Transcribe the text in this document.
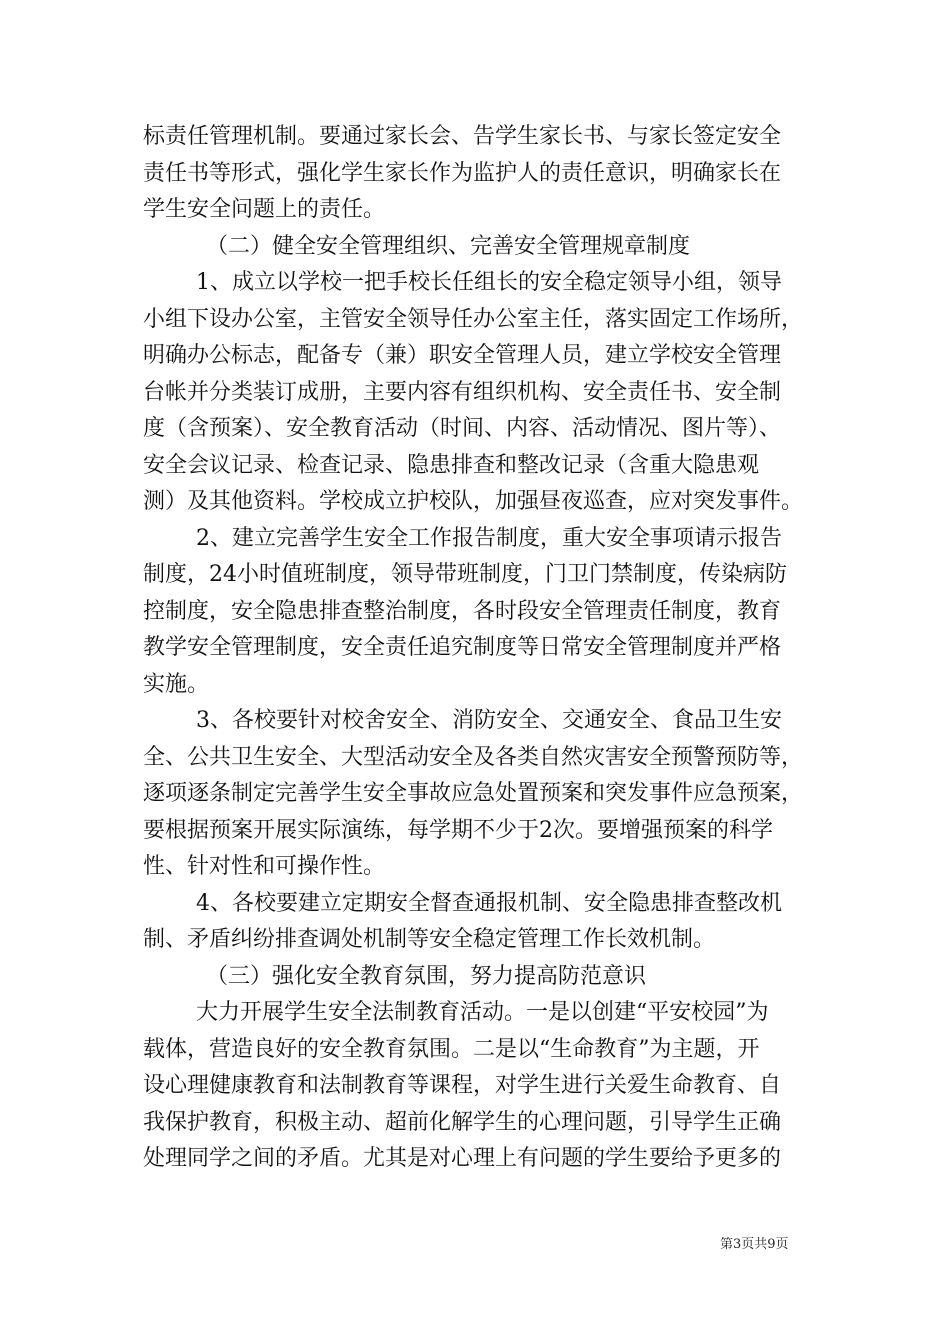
标责任管理机制。要通过家长会、告学生家长书、与家长签定安全
责任书等形式，强化学生家长作为监护人的责任意识，明确家长在
学生安全问题上的责任。
（二）健全安全管理组织、完善安全管理规章制度
1、成立以学校一把手校长任组长的安全稳定领导小组，领导
小组下设办公室，主管安全领导任办公室主任，落实固定工作场所，
明确办公标志，配备专（兼）职安全管理人员，建立学校安全管理
台帐并分类装订成册，主要内容有组织机构、安全责任书、安全制
度（含预案）、安全教育活动（时间、内容、活动情况、图片等）、
安全会议记录、检查记录、隐患排查和整改记录（含重大隐患观
测）及其他资料。学校成立护校队，加强昼夜巡查，应对突发事件。
2、建立完善学生安全工作报告制度，重大安全事项请示报告
制度，24小时值班制度，领导带班制度，门卫门禁制度，传染病防
控制度，安全隐患排查整治制度，各时段安全管理责任制度，教育
教学安全管理制度，安全责任追究制度等日常安全管理制度并严格
实施。
3、各校要针对校舍安全、消防安全、交通安全、食品卫生安
全、公共卫生安全、大型活动安全及各类自然灾害安全预警预防等，
逐项逐条制定完善学生安全事故应急处置预案和突发事件应急预案，
要根据预案开展实际演练，每学期不少于2次。要增强预案的科学
性、针对性和可操作性。
4、各校要建立定期安全督查通报机制、安全隐患排查整改机
制、矛盾纠纷排查调处机制等安全稳定管理工作长效机制。
（三）强化安全教育氛围，努力提高防范意识
大力开展学生安全法制教育活动。一是以创建“平安校园”为
载体，营造良好的安全教育氛围。二是以“生命教育”为主题，开
设心理健康教育和法制教育等课程，对学生进行关爱生命教育、自
我保护教育，积极主动、超前化解学生的心理问题，引导学生正确
处理同学之间的矛盾。尤其是对心理上有问题的学生要给予更多的
第3页共9页
